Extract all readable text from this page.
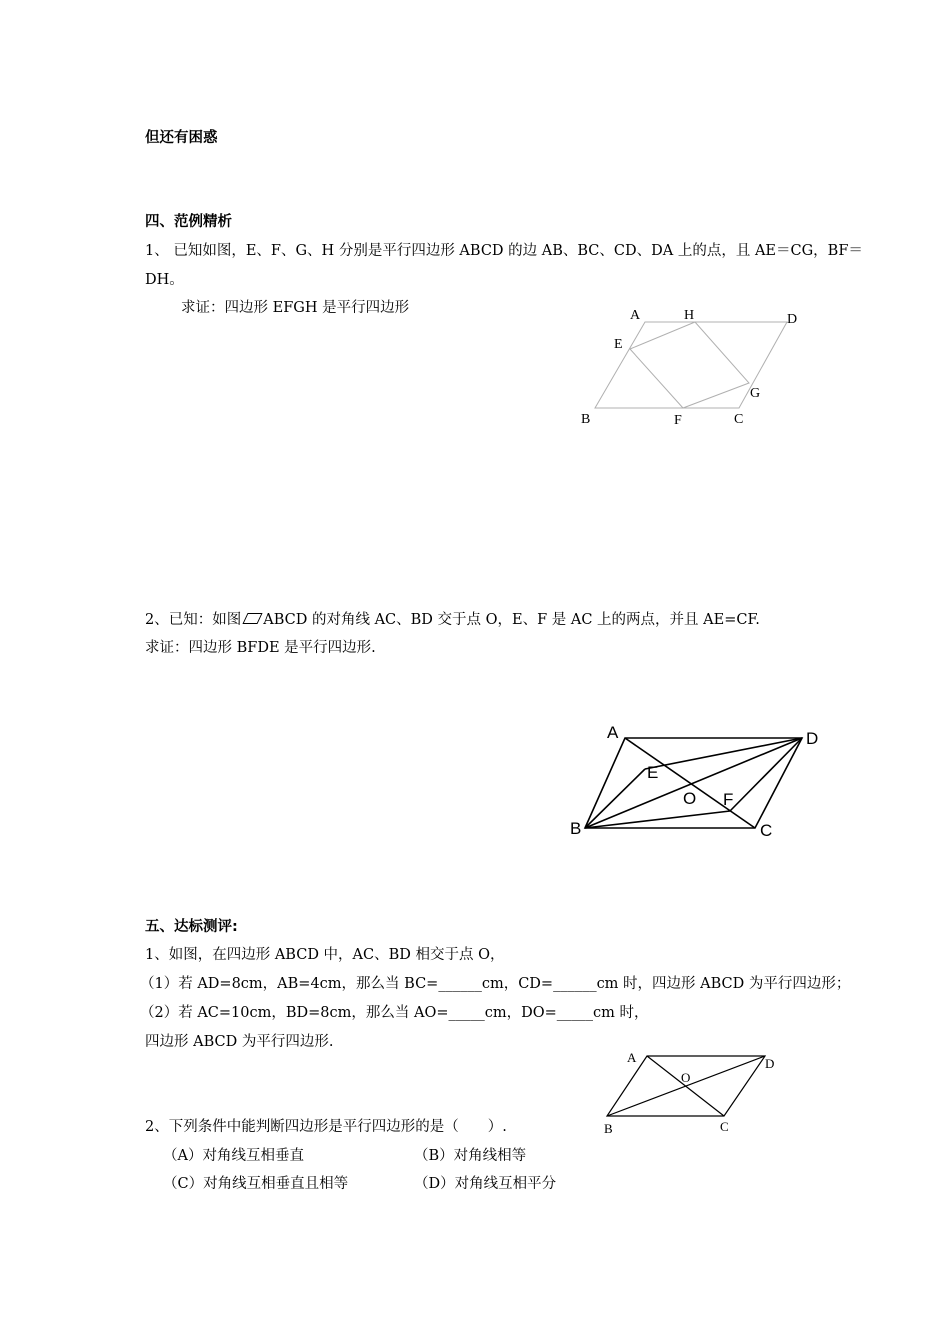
但还有困惑
四、范例精析
1、 已知如图，E、F、G、H 分别是平行四边形 ABCD 的边 AB、BC、CD、DA 上的点，且 AE＝CG，BF＝
DH。
求证：四边形 EFGH 是平行四边形	A	H	D
E
G
B	F	C
2、已知：如图 ABCD 的对角线 AC、BD 交于点 O，E、F 是 AC 上的两点，并且 AE=CF.
求证：四边形 BFDE 是平行四边形.
A	D
E
O F
B	C
五、达标测评:
1、如图，在四边形 ABCD 中，AC、BD 相交于点 O，
（1）若 AD=8cm，AB=4cm，那么当 BC=______cm，CD=______cm 时，四边形 ABCD 为平行四边形；
（2）若 AC=10cm，BD=8cm，那么当 AO=_____cm，DO=_____cm 时，
四边形 ABCD 为平行四边形.
A	D
O
B	C
2、下列条件中能判断四边形是平行四边形的是（　　）.
（A）对角线互相垂直	（B）对角线相等
（C）对角线互相垂直且相等	（D）对角线互相平分
